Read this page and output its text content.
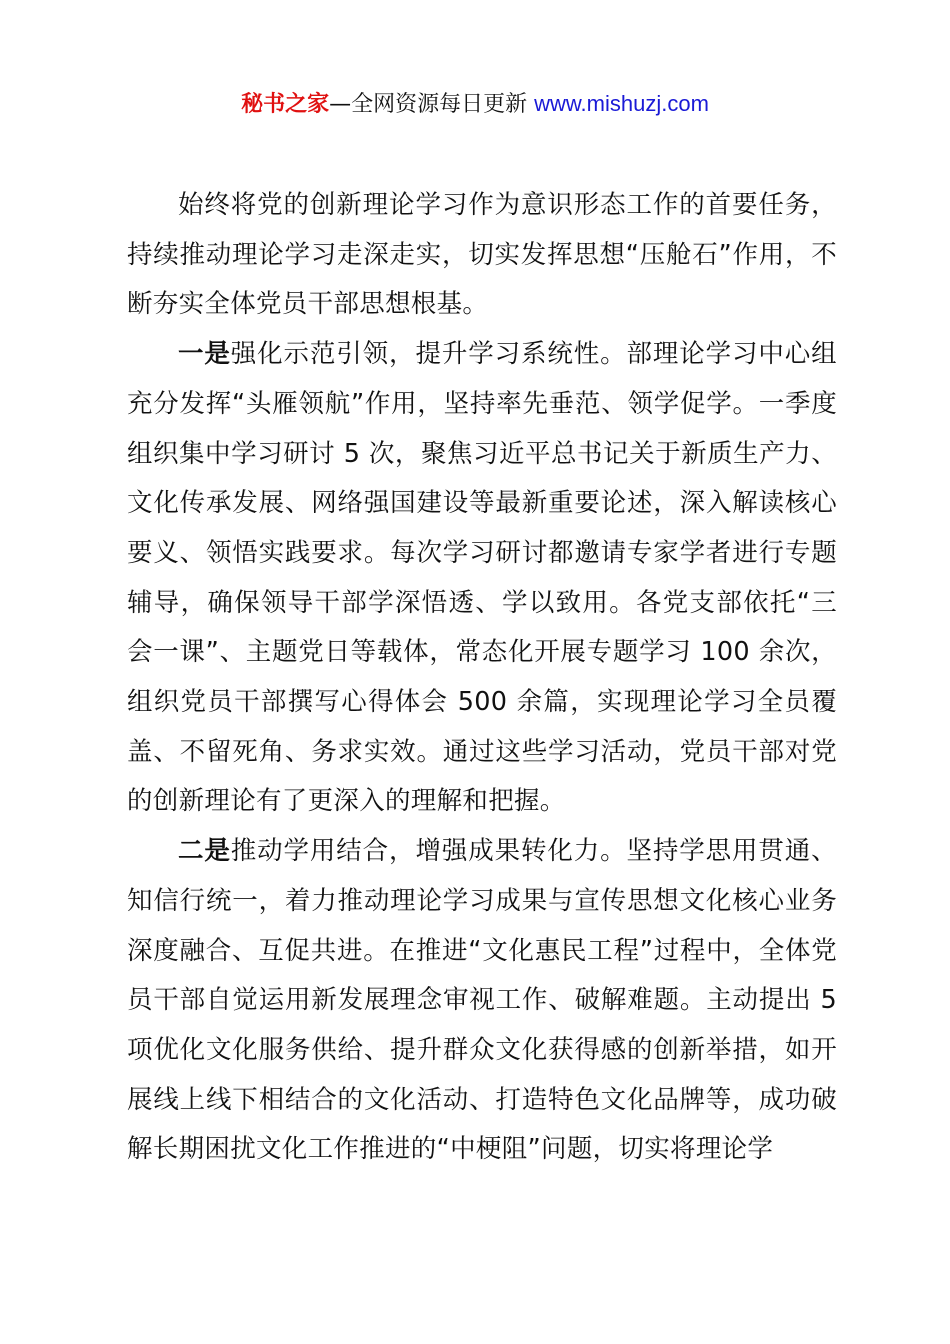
秘书之家—全网资源每日更新 www.mishuzj.com

始终将党的创新理论学习作为意识形态工作的首要任务，持续推动理论学习走深走实，切实发挥思想“压舱石”作用，不断夯实全体党员干部思想根基。

一是强化示范引领，提升学习系统性。部理论学习中心组充分发挥“头雁领航”作用，坚持率先垂范、领学促学。一季度组织集中学习研讨 5 次，聚焦习近平总书记关于新质生产力、文化传承发展、网络强国建设等最新重要论述，深入解读核心要义、领悟实践要求。每次学习研讨都邀请专家学者进行专题辅导，确保领导干部学深悟透、学以致用。各党支部依托“三会一课”、主题党日等载体，常态化开展专题学习 100 余次，组织党员干部撰写心得体会 500 余篇，实现理论学习全员覆盖、不留死角、务求实效。通过这些学习活动，党员干部对党的创新理论有了更深入的理解和把握。

二是推动学用结合，增强成果转化力。坚持学思用贯通、知信行统一，着力推动理论学习成果与宣传思想文化核心业务深度融合、互促共进。在推进“文化惠民工程”过程中，全体党员干部自觉运用新发展理念审视工作、破解难题。主动提出 5 项优化文化服务供给、提升群众文化获得感的创新举措，如开展线上线下相结合的文化活动、打造特色文化品牌等，成功破解长期困扰文化工作推进的“中梗阻”问题，切实将理论学
